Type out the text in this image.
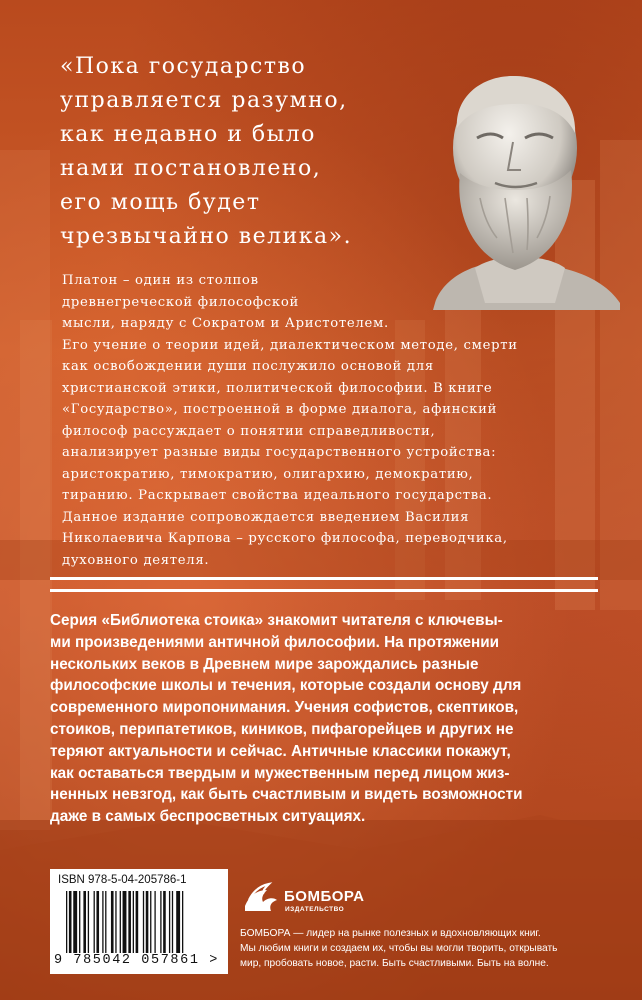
«Пока государство
управляется разумно,
как недавно и было
нами постановлено,
его мощь будет
чрезвычайно велика».

Платон – один из столпов
древнегреческой философской
мысли, наряду с Сократом и Аристотелем.
Его учение о теории идей, диалектическом методе, смерти
как освобождении души послужило основой для
христианской этики, политической философии. В книге
«Государство», построенной в форме диалога, афинский
философ рассуждает о понятии справедливости,
анализирует разные виды государственного устройства:
аристократию, тимократию, олигархию, демократию,
тиранию. Раскрывает свойства идеального государства.
Данное издание сопровождается введением Василия
Николаевича Карпова – русского философа, переводчика,
духовного деятеля.

Серия «Библиотека стоика» знакомит читателя с ключевы-
ми произведениями античной философии. На протяжении
нескольких веков в Древнем мире зарождались разные
философские школы и течения, которые создали основу для
современного миропонимания. Учения софистов, скептиков,
стоиков, перипатетиков, киников, пифагорейцев и других не
теряют актуальности и сейчас. Античные классики покажут,
как оставаться твердым и мужественным перед лицом жиз-
ненных невзгод, как быть счастливым и видеть возможности
даже в самых беспросветных ситуациях.

ISBN 978-5-04-205786-1

9 785042 057861 >

БОМБОРА

ИЗДАТЕЛЬСТВО

БОМБОРА — лидер на рынке полезных и вдохновляющих книг.
Мы любим книги и создаем их, чтобы вы могли творить, открывать
мир, пробовать новое, расти. Быть счастливыми. Быть на волне.
